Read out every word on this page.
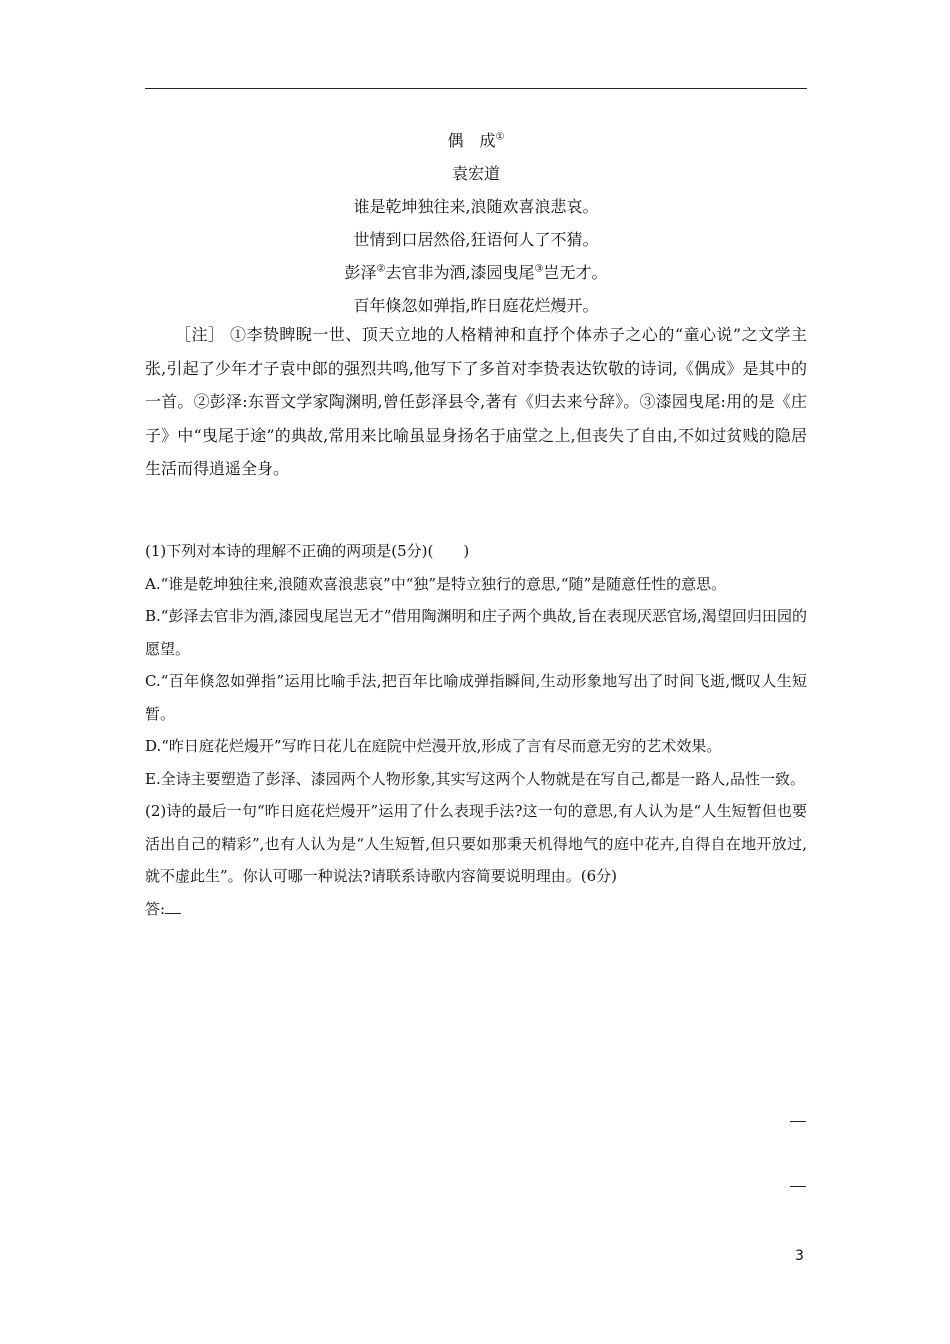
偶　成①
袁宏道
谁是乾坤独往来,浪随欢喜浪悲哀。
世情到口居然俗,狂语何人了不猜。
彭泽②去官非为酒,漆园曳尾③岂无才。
百年倏忽如弹指,昨日庭花烂熳开。

［注］ ①李贽睥睨一世、顶天立地的人格精神和直抒个体赤子之心的“童心说”之文学主张,引起了少年才子袁中郎的强烈共鸣,他写下了多首对李贽表达钦敬的诗词,《偶成》是其中的一首。②彭泽:东晋文学家陶渊明,曾任彭泽县令,著有《归去来兮辞》。③漆园曳尾:用的是《庄子》中“曳尾于途”的典故,常用来比喻虽显身扬名于庙堂之上,但丧失了自由,不如过贫贱的隐居生活而得逍遥全身。

(1)下列对本诗的理解不正确的两项是(5分)(　　)

A.“谁是乾坤独往来,浪随欢喜浪悲哀”中“独”是特立独行的意思,“随”是随意任性的意思。

B.“彭泽去官非为酒,漆园曳尾岂无才”借用陶渊明和庄子两个典故,旨在表现厌恶官场,渴望回归田园的愿望。

C.“百年倏忽如弹指”运用比喻手法,把百年比喻成弹指瞬间,生动形象地写出了时间飞逝,慨叹人生短暂。

D.“昨日庭花烂熳开”写昨日花儿在庭院中烂漫开放,形成了言有尽而意无穷的艺术效果。

E.全诗主要塑造了彭泽、漆园两个人物形象,其实写这两个人物就是在写自己,都是一路人,品性一致。

(2)诗的最后一句“昨日庭花烂熳开”运用了什么表现手法?这一句的意思,有人认为是“人生短暂但也要活出自己的精彩”,也有人认为是“人生短暂,但只要如那秉天机得地气的庭中花卉,自得自在地开放过,就不虚此生”。你认可哪一种说法?请联系诗歌内容简要说明理由。(6分)

答:

3
